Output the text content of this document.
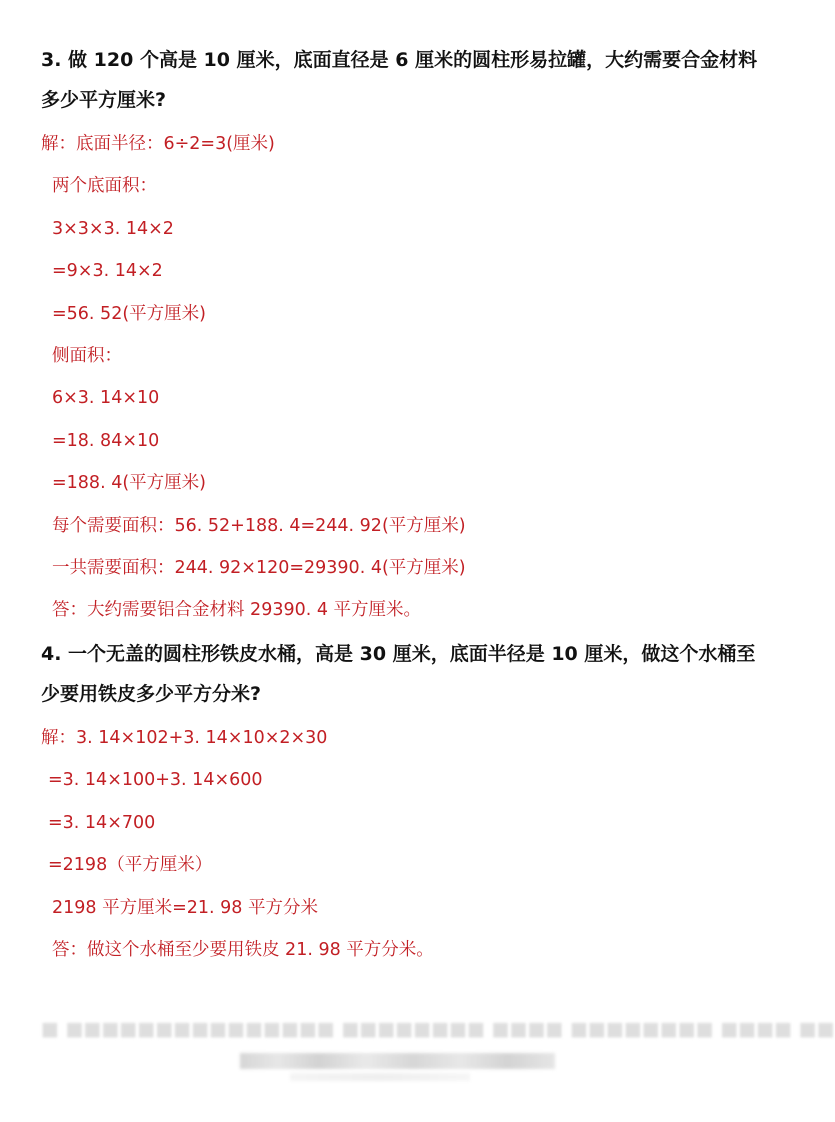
3. 做 120 个高是 10 厘米，底面直径是 6 厘米的圆柱形易拉罐，大约需要合金材料多少平方厘米?

解：底面半径：6÷2=3(厘米)
两个底面积：
3×3×3. 14×2
=9×3. 14×2
=56. 52(平方厘米)
侧面积：
6×3. 14×10
=18. 84×10
=188. 4(平方厘米)
每个需要面积：56. 52+188. 4=244. 92(平方厘米)
一共需要面积：244. 92×120=29390. 4(平方厘米)
答：大约需要铝合金材料 29390. 4 平方厘米。

4. 一个无盖的圆柱形铁皮水桶，高是 30 厘米，底面半径是 10 厘米，做这个水桶至少要用铁皮多少平方分米?

解：3. 14×102+3. 14×10×2×30
=3. 14×100+3. 14×600
=3. 14×700
=2198（平方厘米）
2198 平方厘米=21. 98 平方分米
答：做这个水桶至少要用铁皮 21. 98 平方分米。
■ ■■■■■■■■■■■■■■■ ■■■■■■■■ ■■■■ ■■■■■■■■ ■■■■ ■■
